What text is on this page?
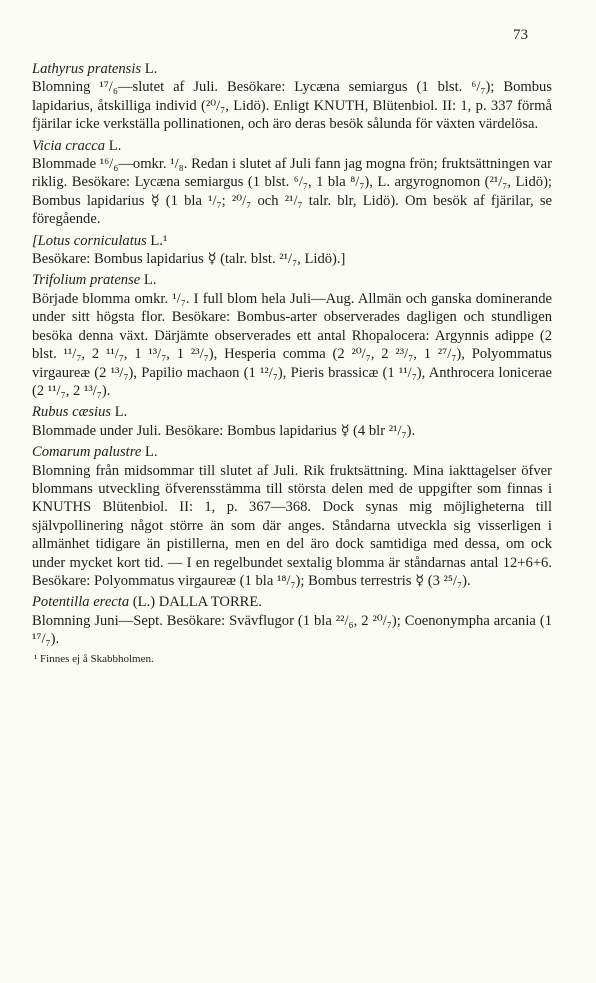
73
Lathyrus pratensis L.
Blomning ¹⁷/₆—slutet af Juli. Besökare: Lycæna semiargus (1 blst. ⁶/₇); Bombus lapidarius, åtskilliga individ (²⁰/₇, Lidö). Enligt KNUTH, Blütenbiol. II: 1, p. 337 förmå fjärilar icke verkställa pollinationen, och äro deras besök sålunda för växten värdelösa.
Vicia cracca L.
Blommade ¹⁶/₆—omkr. ¹/₈. Redan i slutet af Juli fann jag mogna frön; fruktsättningen var riklig. Besökare: Lycæna semiargus (1 blst. ⁶/₇, 1 bla ⁸/₇), L. argyrognomon (²¹/₇, Lidö); Bombus lapidarius ☿ (1 bla ¹/₇; ²⁰/₇ och ²¹/₇ talr. blr, Lidö). Om besök af fjärilar, se föregående.
[Lotus corniculatus L.¹
Besökare: Bombus lapidarius ☿ (talr. blst. ²¹/₇, Lidö).]
Trifolium pratense L.
Började blomma omkr. ¹/₇. I full blom hela Juli—Aug. Allmän och ganska dominerande under sitt högsta flor. Besökare: Bombus-arter observerades dagligen och stundligen besöka denna växt. Därjämte observerades ett antal Rhopalocera: Argynnis adippe (2 blst. ¹¹/₇, 2 ¹¹/₇, 1 ¹³/₇, 1 ²³/₇), Hesperia comma (2 ²⁰/₇, 2 ²³/₇, 1 ²⁷/₇), Polyommatus virgaureæ (2 ¹³/₇), Papilio machaon (1 ¹²/₇), Pieris brassicæ (1 ¹¹/₇), Anthrocera lonicerae (2 ¹¹/₇, 2 ¹³/₇).
Rubus cæsius L.
Blommade under Juli. Besökare: Bombus lapidarius ☿ (4 blr ²¹/₇).
Comarum palustre L.
Blomning från midsommar till slutet af Juli. Rik fruktsättning. Mina iakttagelser öfver blommans utveckling öfverensstämma till största delen med de uppgifter som finnas i KNUTHS Blütenbiol. II: 1, p. 367—368. Dock synas mig möjligheterna till självpollinering något större än som där anges. Ståndarna utveckla sig visserligen i allmänhet tidigare än pistillerna, men en del äro dock samtidiga med dessa, om ock under mycket kort tid. — I en regelbundet sextalig blomma är ståndarnas antal 12+6+6. Besökare: Polyommatus virgaureæ (1 bla ¹⁸/₇); Bombus terrestris ☿ (3 ²⁵/₇).
Potentilla erecta (L.) DALLA TORRE.
Blomning Juni—Sept. Besökare: Svävflugor (1 bla ²²/₆, 2 ²⁰/₇); Coenonympha arcania (1 ¹⁷/₇).
¹ Finnes ej å Skabbholmen.
